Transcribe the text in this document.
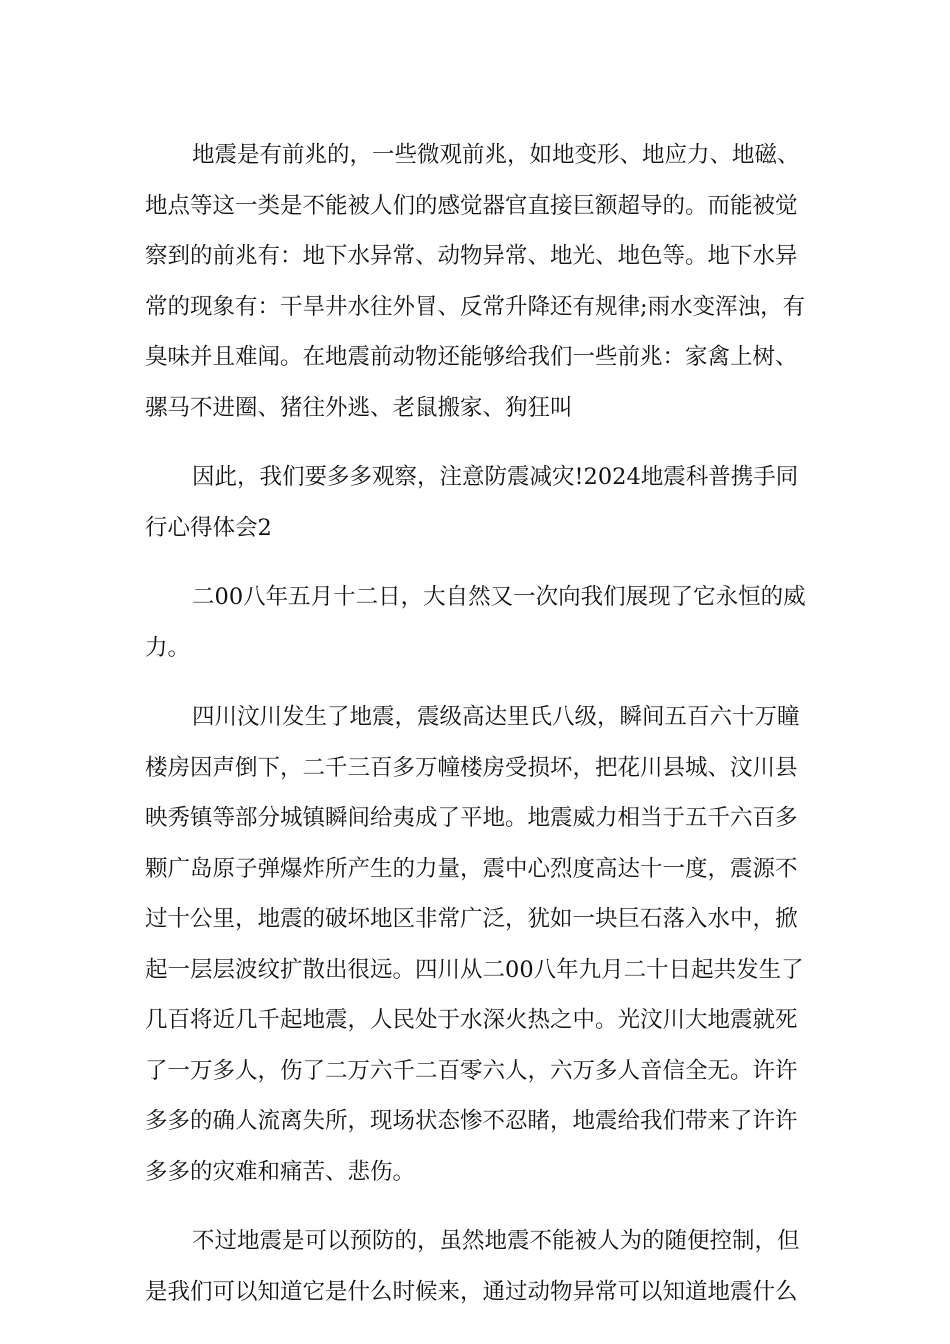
地震是有前兆的，一些微观前兆，如地变形、地应力、地磁、
地点等这一类是不能被人们的感觉器官直接巨额超导的。而能被觉
察到的前兆有：地下水异常、动物异常、地光、地色等。地下水异
常的现象有：干旱井水往外冒、反常升降还有规律;雨水变浑浊，有
臭味并且难闻。在地震前动物还能够给我们一些前兆：家禽上树、
骡马不进圈、猪往外逃、老鼠搬家、狗狂叫
因此，我们要多多观察，注意防震减灾!2024地震科普携手同
行心得体会2
二00八年五月十二日，大自然又一次向我们展现了它永恒的威
力。
四川汶川发生了地震，震级高达里氏八级，瞬间五百六十万瞳
楼房因声倒下，二千三百多万幢楼房受损坏，把花川县城、汶川县
映秀镇等部分城镇瞬间给夷成了平地。地震威力相当于五千六百多
颗广岛原子弹爆炸所产生的力量，震中心烈度高达十一度，震源不
过十公里，地震的破坏地区非常广泛，犹如一块巨石落入水中，掀
起一层层波纹扩散出很远。四川从二00八年九月二十日起共发生了
几百将近几千起地震，人民处于水深火热之中。光汶川大地震就死
了一万多人，伤了二万六千二百零六人，六万多人音信全无。许许
多多的确人流离失所，现场状态惨不忍睹，地震给我们带来了许许
多多的灾难和痛苦、悲伤。
不过地震是可以预防的，虽然地震不能被人为的随便控制，但
是我们可以知道它是什么时候来，通过动物异常可以知道地震什么
